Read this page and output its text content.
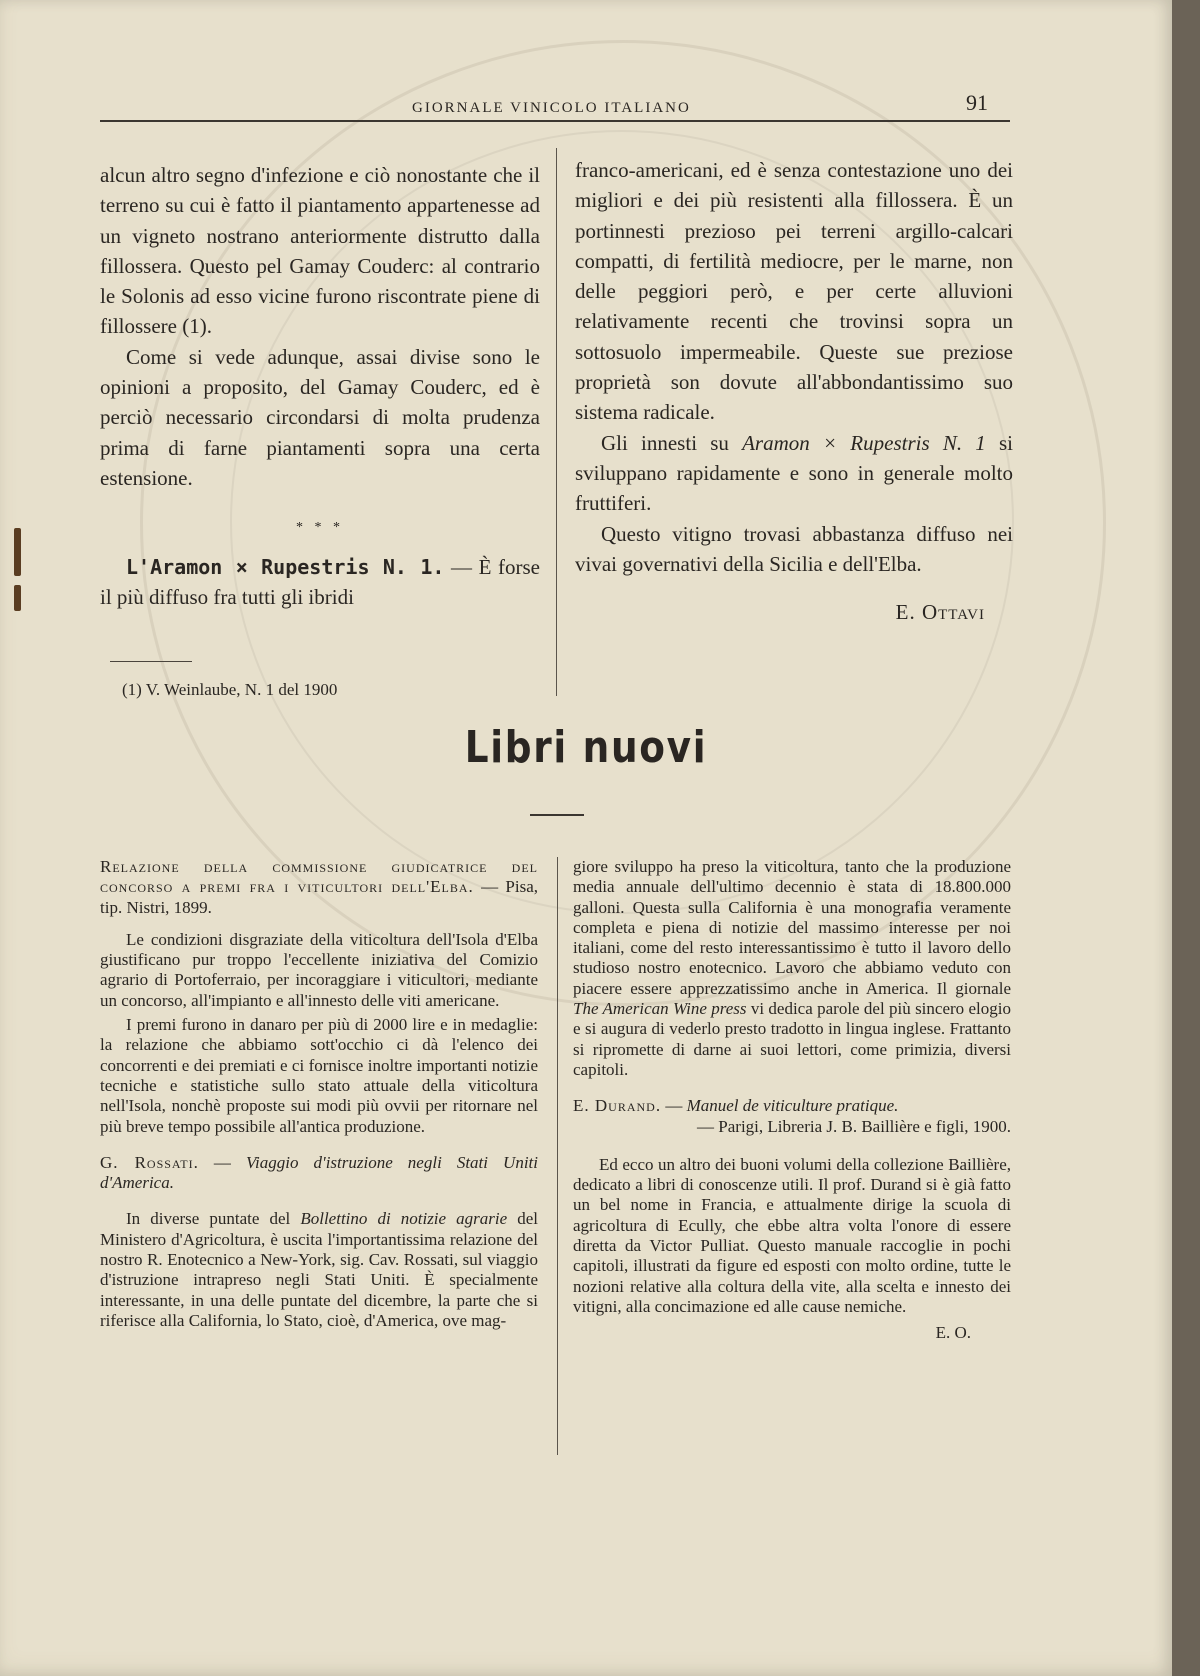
GIORNALE VINICOLO ITALIANO	91

alcun altro segno d'infezione e ciò nonostante che il terreno su cui è fatto il piantamento appartenesse ad un vigneto nostrano anteriormente distrutto dalla fillossera. Questo pel Gamay Couderc: al contrario le Solonis ad esso vicine furono riscontrate piene di fillossere (1).

Come si vede adunque, assai divise sono le opinioni a proposito, del Gamay Couderc, ed è perciò necessario circondarsi di molta prudenza prima di farne piantamenti sopra una certa estensione.

* * *

L'Aramon × Rupestris N. 1. — È forse il più diffuso fra tutti gli ibridi

(1) V. Weinlaube, N. 1 del 1900

franco-americani, ed è senza contestazione uno dei migliori e dei più resistenti alla fillossera. È un portinnesti prezioso pei terreni argillo-calcari compatti, di fertilità mediocre, per le marne, non delle peggiori però, e per certe alluvioni relativamente recenti che trovinsi sopra un sottosuolo impermeabile. Queste sue preziose proprietà son dovute all'abbondantissimo suo sistema radicale.

Gli innesti su Aramon × Rupestris N. 1 si sviluppano rapidamente e sono in generale molto fruttiferi.

Questo vitigno trovasi abbastanza diffuso nei vivai governativi della Sicilia e dell'Elba.

E. Ottavi

Libri nuovi

Relazione della commissione giudicatrice del concorso a premi fra i viticultori dell'Elba. — Pisa, tip. Nistri, 1899.

Le condizioni disgraziate della viticoltura dell'Isola d'Elba giustificano pur troppo l'eccellente iniziativa del Comizio agrario di Portoferraio, per incoraggiare i viticultori, mediante un concorso, all'impianto e all'innesto delle viti americane.

I premi furono in danaro per più di 2000 lire e in medaglie: la relazione che abbiamo sott'occhio ci dà l'elenco dei concorrenti e dei premiati e ci fornisce inoltre importanti notizie tecniche e statistiche sullo stato attuale della viticoltura nell'Isola, nonchè proposte sui modi più ovvii per ritornare nel più breve tempo possibile all'antica produzione.

G. Rossati. — Viaggio d'istruzione negli Stati Uniti d'America.

In diverse puntate del Bollettino di notizie agrarie del Ministero d'Agricoltura, è uscita l'importantissima relazione del nostro R. Enotecnico a New-York, sig. Cav. Rossati, sul viaggio d'istruzione intrapreso negli Stati Uniti. È specialmente interessante, in una delle puntate del dicembre, la parte che si riferisce alla California, lo Stato, cioè, d'America, ove mag-

giore sviluppo ha preso la viticoltura, tanto che la produzione media annuale dell'ultimo decennio è stata di 18.800.000 galloni. Questa sulla California è una monografia veramente completa e piena di notizie del massimo interesse per noi italiani, come del resto interessantissimo è tutto il lavoro dello studioso nostro enotecnico. Lavoro che abbiamo veduto con piacere essere apprezzatissimo anche in America. Il giornale The American Wine press vi dedica parole del più sincero elogio e si augura di vederlo presto tradotto in lingua inglese. Frattanto si ripromette di darne ai suoi lettori, come primizia, diversi capitoli.

E. Durand. — Manuel de viticulture pratique.

— Parigi, Libreria J. B. Baillière e figli, 1900.

Ed ecco un altro dei buoni volumi della collezione Baillière, dedicato a libri di conoscenze utili. Il prof. Durand si è già fatto un bel nome in Francia, e attualmente dirige la scuola di agricoltura di Ecully, che ebbe altra volta l'onore di essere diretta da Victor Pulliat. Questo manuale raccoglie in pochi capitoli, illustrati da figure ed esposti con molto ordine, tutte le nozioni relative alla coltura della vite, alla scelta e innesto dei vitigni, alla concimazione ed alle cause nemiche.

E. O.
